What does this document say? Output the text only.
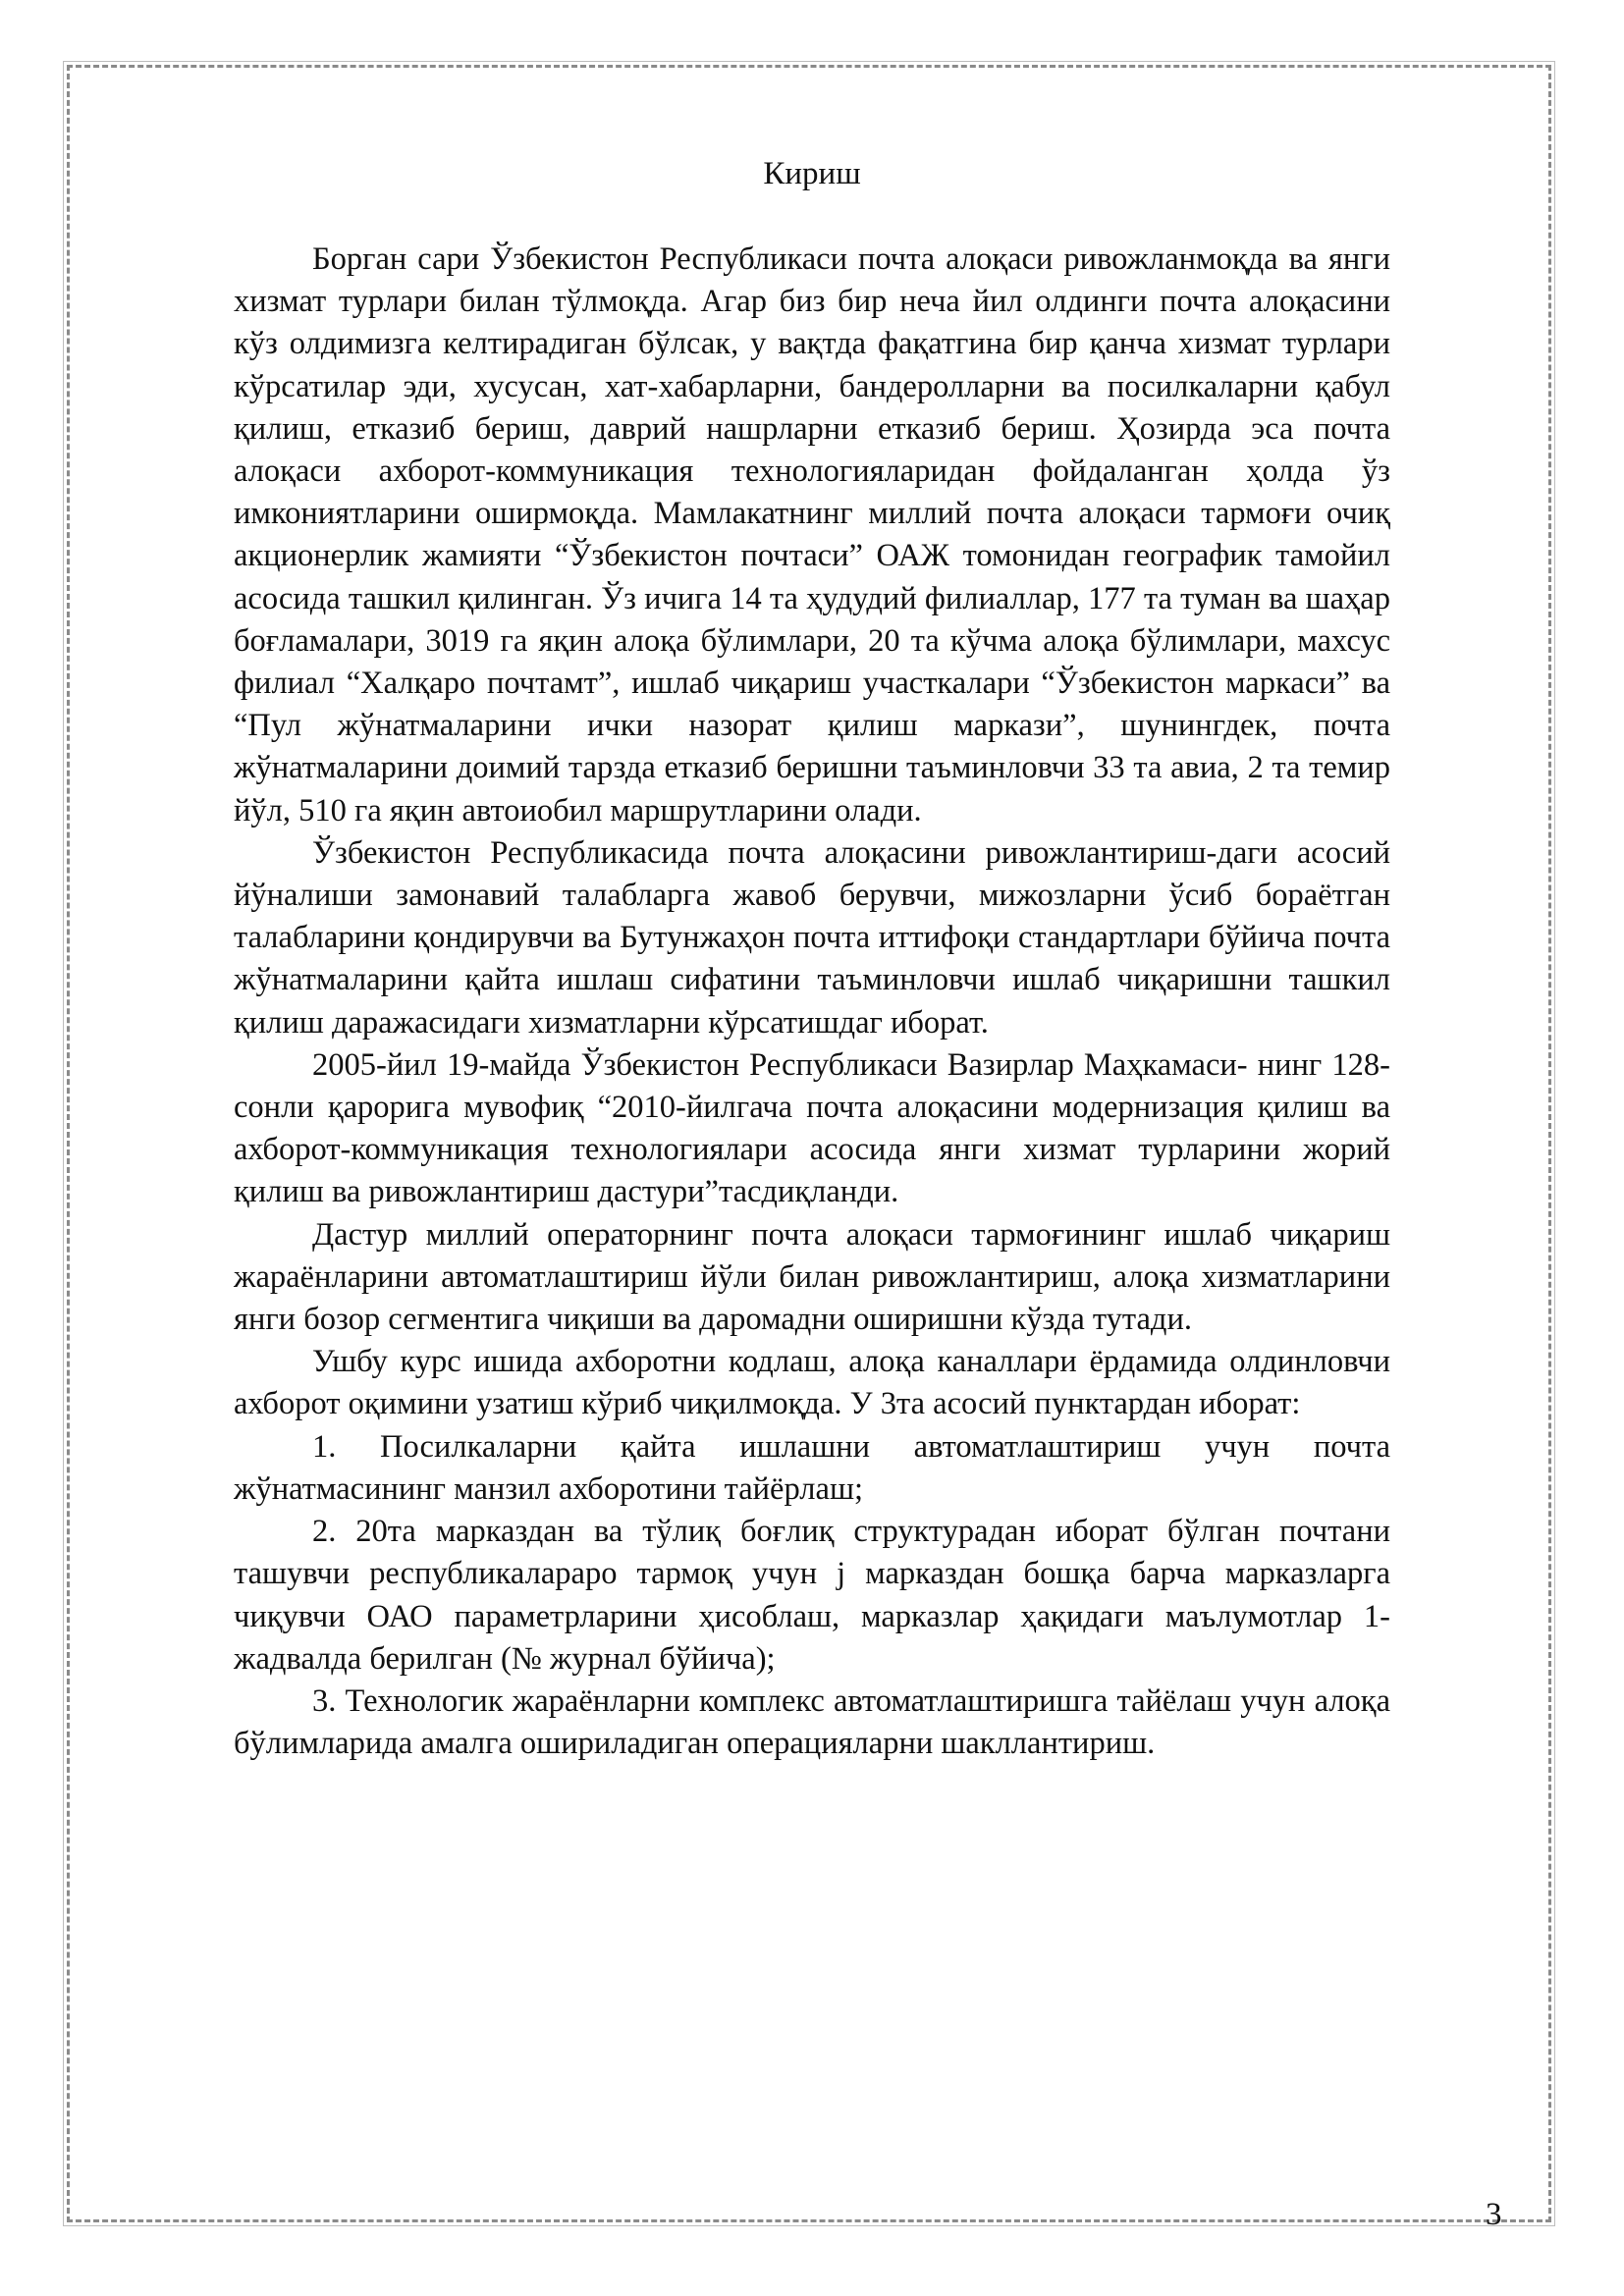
Кириш

Борган сари Ўзбекистон Республикаси почта алоқаси ривожланмоқда ва янги хизмат турлари билан тўлмоқда. Агар биз бир неча йил олдинги почта алоқасини кўз олдимизга келтирадиган бўлсак, у вақтда фақатгина бир қанча хизмат турлари кўрсатилар эди, хусусан, хат-хабарларни, бандеролларни ва посилкаларни қабул қилиш, етказиб бериш, даврий нашрларни етказиб бериш. Ҳозирда эса почта алоқаси ахборот-коммуникация технологияларидан фойдаланган ҳолда ўз имкониятларини оширмоқда. Мамлакатнинг миллий почта алоқаси тармоғи очиқ акционерлик жамияти “Ўзбекистон почтаси” ОАЖ томонидан географик тамойил асосида ташкил қилинган. Ўз ичига 14 та ҳудудий филиаллар, 177 та туман ва шаҳар боғламалари, 3019 га яқин алоқа бўлимлари, 20 та кўчма алоқа бўлимлари, махсус филиал “Халқаро почтамт”, ишлаб чиқариш участкалари “Ўзбекистон маркаси” ва “Пул жўнатмаларини ички назорат қилиш маркази”, шунингдек, почта жўнатмаларини доимий тарзда етказиб беришни таъминловчи 33 та авиа, 2 та темир йўл, 510 га яқин автоиобил маршрутларини олади.

Ўзбекистон Республикасида почта алоқасини ривожлантириш-даги асосий йўналиши замонавий талабларга жавоб берувчи, мижозларни ўсиб бораётган талабларини қондирувчи ва Бутунжаҳон почта иттифоқи стандартлари бўйича почта жўнатмаларини қайта ишлаш сифатини таъминловчи ишлаб чиқаришни ташкил қилиш даражасидаги хизматларни кўрсатишдаг иборат.

2005-йил 19-майда Ўзбекистон Республикаси Вазирлар Маҳкамаси- нинг 128-сонли қарорига мувофиқ “2010-йилгача почта алоқасини модернизация қилиш ва ахборот-коммуникация технологиялари асосида янги хизмат турларини жорий қилиш ва ривожлантириш дастури”тасдиқланди.

Дастур миллий операторнинг почта алоқаси тармоғининг ишлаб чиқариш жараёнларини автоматлаштириш йўли билан ривожлантириш, алоқа хизматларини янги бозор сегментига чиқиши ва даромадни оширишни кўзда тутади.

Ушбу курс ишида ахборотни кодлаш, алоқа каналлари ёрдамида олдинловчи ахборот оқимини узатиш кўриб чиқилмоқда. У 3та асосий пунктардан иборат:

1. Посилкаларни қайта ишлашни автоматлаштириш учун почта жўнатмасининг манзил ахборотини тайёрлаш;

2. 20та марказдан ва тўлиқ боғлиқ структурадан иборат бўлган почтани ташувчи республикалараро тармоқ учун j марказдан бошқа барча марказларга чиқувчи ОАО параметрларини ҳисоблаш, марказлар ҳақидаги маълумотлар 1-жадвалда берилган (№ журнал бўйича);

3. Технологик жараёнларни комплекс автоматлаштиришга тайёлаш учун алоқа бўлимларида амалга ошириладиган операцияларни шакллантириш.

3
